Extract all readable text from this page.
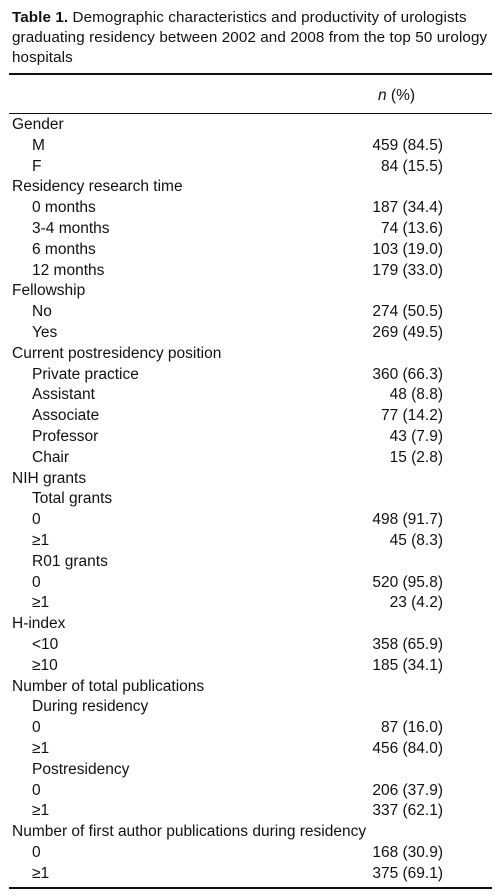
Table 1. Demographic characteristics and productivity of urologists graduating residency between 2002 and 2008 from the top 50 urology hospitals
n (%)
Gender
M	459 (84.5)
F	84 (15.5)
Residency research time
0 months	187 (34.4)
3-4 months	74 (13.6)
6 months	103 (19.0)
12 months	179 (33.0)
Fellowship
No	274 (50.5)
Yes	269 (49.5)
Current postresidency position
Private practice	360 (66.3)
Assistant	48 (8.8)
Associate	77 (14.2)
Professor	43 (7.9)
Chair	15 (2.8)
NIH grants
Total grants
0	498 (91.7)
≥1	45 (8.3)
R01 grants
0	520 (95.8)
≥1	23 (4.2)
H-index
<10	358 (65.9)
≥10	185 (34.1)
Number of total publications
During residency
0	87 (16.0)
≥1	456 (84.0)
Postresidency
0	206 (37.9)
≥1	337 (62.1)
Number of first author publications during residency
0	168 (30.9)
≥1	375 (69.1)
